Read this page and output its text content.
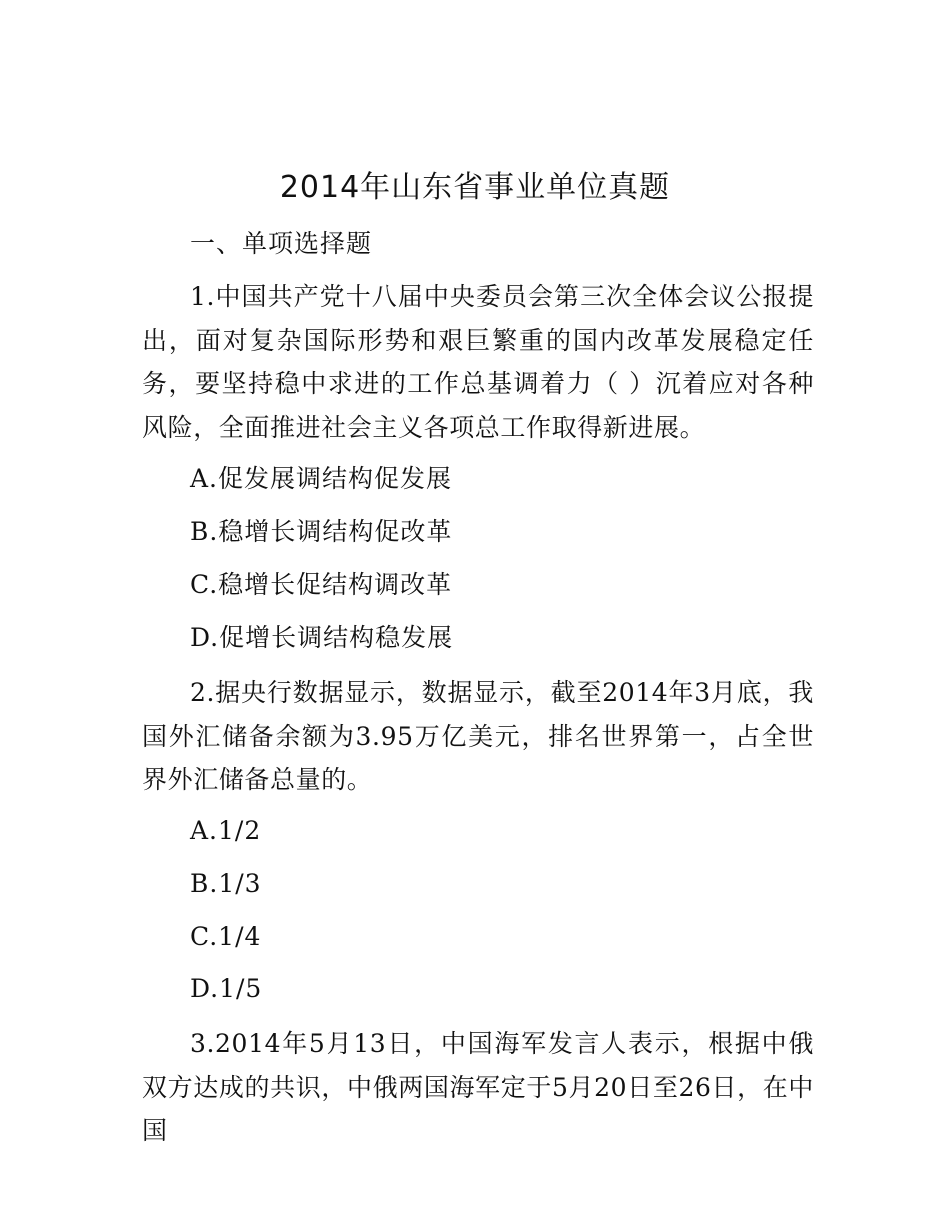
2014年山东省事业单位真题
一、单项选择题

1.中国共产党十八届中央委员会第三次全体会议公报提出，面对复杂国际形势和艰巨繁重的国内改革发展稳定任务，要坚持稳中求进的工作总基调着力（ ）沉着应对各种风险，全面推进社会主义各项总工作取得新进展。

A.促发展调结构促发展
B.稳增长调结构促改革
C.稳增长促结构调改革
D.促增长调结构稳发展

2.据央行数据显示，数据显示，截至2014年3月底，我国外汇储备余额为3.95万亿美元，排名世界第一，占全世界外汇储备总量的。

A.1/2
B.1/3
C.1/4
D.1/5

3.2014年5月13日，中国海军发言人表示，根据中俄双方达成的共识，中俄两国海军定于5月20日至26日，在中国
